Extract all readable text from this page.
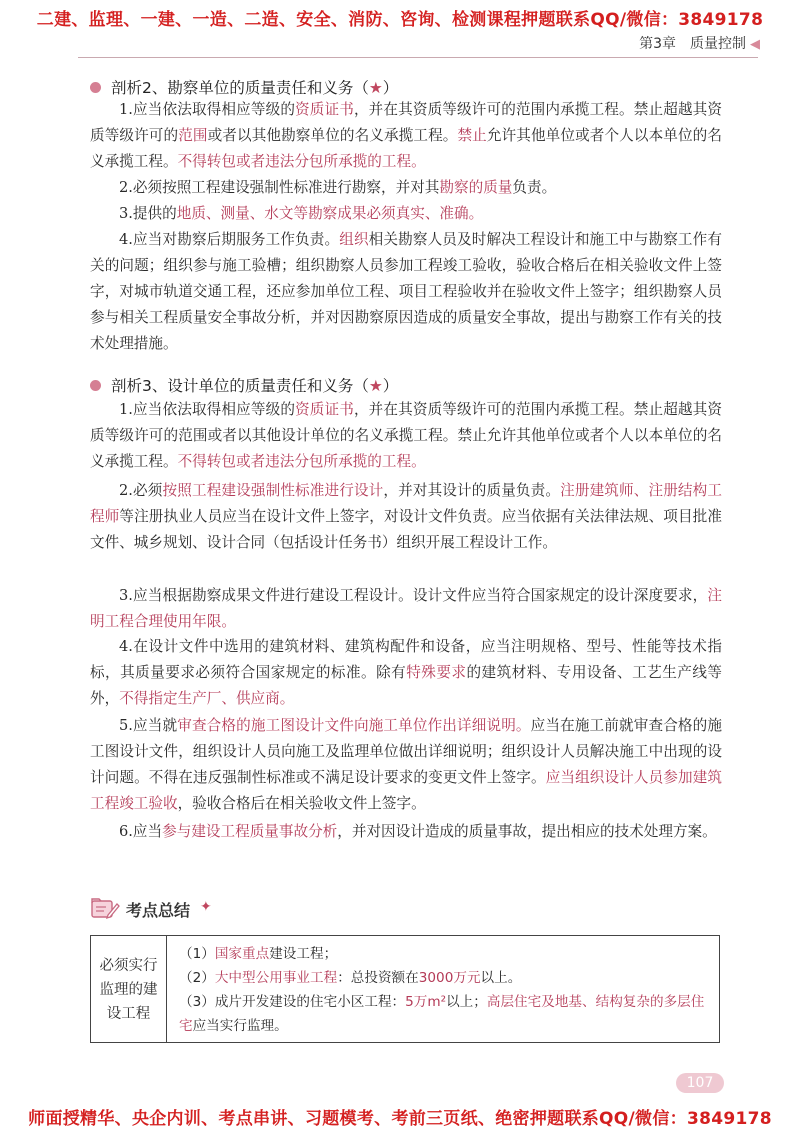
二建、监理、一建、一造、二造、安全、消防、咨询、检测课程押题联系QQ/微信：3849178
第3章 质量控制 ◀
剖析2、勘察单位的质量责任和义务（★）
1.应当依法取得相应等级的资质证书，并在其资质等级许可的范围内承揽工程。禁止超越其资质等级许可的范围或者以其他勘察单位的名义承揽工程。禁止允许其他单位或者个人以本单位的名义承揽工程。不得转包或者违法分包所承揽的工程。
2.必须按照工程建设强制性标准进行勘察，并对其勘察的质量负责。
3.提供的地质、测量、水文等勘察成果必须真实、准确。
4.应当对勘察后期服务工作负责。组织相关勘察人员及时解决工程设计和施工中与勘察工作有关的问题；组织参与施工验槽；组织勘察人员参加工程竣工验收，验收合格后在相关验收文件上签字，对城市轨道交通工程，还应参加单位工程、项目工程验收并在验收文件上签字；组织勘察人员参与相关工程质量安全事故分析，并对因勘察原因造成的质量安全事故，提出与勘察工作有关的技术处理措施。
剖析3、设计单位的质量责任和义务（★）
1.应当依法取得相应等级的资质证书，并在其资质等级许可的范围内承揽工程。禁止超越其资质等级许可的范围或者以其他设计单位的名义承揽工程。禁止允许其他单位或者个人以本单位的名义承揽工程。不得转包或者违法分包所承揽的工程。
2.必须按照工程建设强制性标准进行设计，并对其设计的质量负责。注册建筑师、注册结构工程师等注册执业人员应当在设计文件上签字，对设计文件负责。应当依据有关法律法规、项目批准文件、城乡规划、设计合同（包括设计任务书）组织开展工程设计工作。
3.应当根据勘察成果文件进行建设工程设计。设计文件应当符合国家规定的设计深度要求，注明工程合理使用年限。
4.在设计文件中选用的建筑材料、建筑构配件和设备，应当注明规格、型号、性能等技术指标，其质量要求必须符合国家规定的标准。除有特殊要求的建筑材料、专用设备、工艺生产线等外，不得指定生产厂、供应商。
5.应当就审查合格的施工图设计文件向施工单位作出详细说明。应当在施工前就审查合格的施工图设计文件，组织设计人员向施工及监理单位做出详细说明；组织设计人员解决施工中出现的设计问题。不得在违反强制性标准或不满足设计要求的变更文件上签字。应当组织设计人员参加建筑工程竣工验收，验收合格后在相关验收文件上签字。
6.应当参与建设工程质量事故分析，并对因设计造成的质量事故，提出相应的技术处理方案。
考点总结 ✦
必须实行
监理的建
设工程
（1）国家重点建设工程；
（2）大中型公用事业工程：总投资额在3000万元以上。
（3）成片开发建设的住宅小区工程：5万m²以上；高层住宅及地基、结构复杂的多层住宅应当实行监理。
107
师面授精华、央企内训、考点串讲、习题模考、考前三页纸、绝密押题联系QQ/微信：3849178
